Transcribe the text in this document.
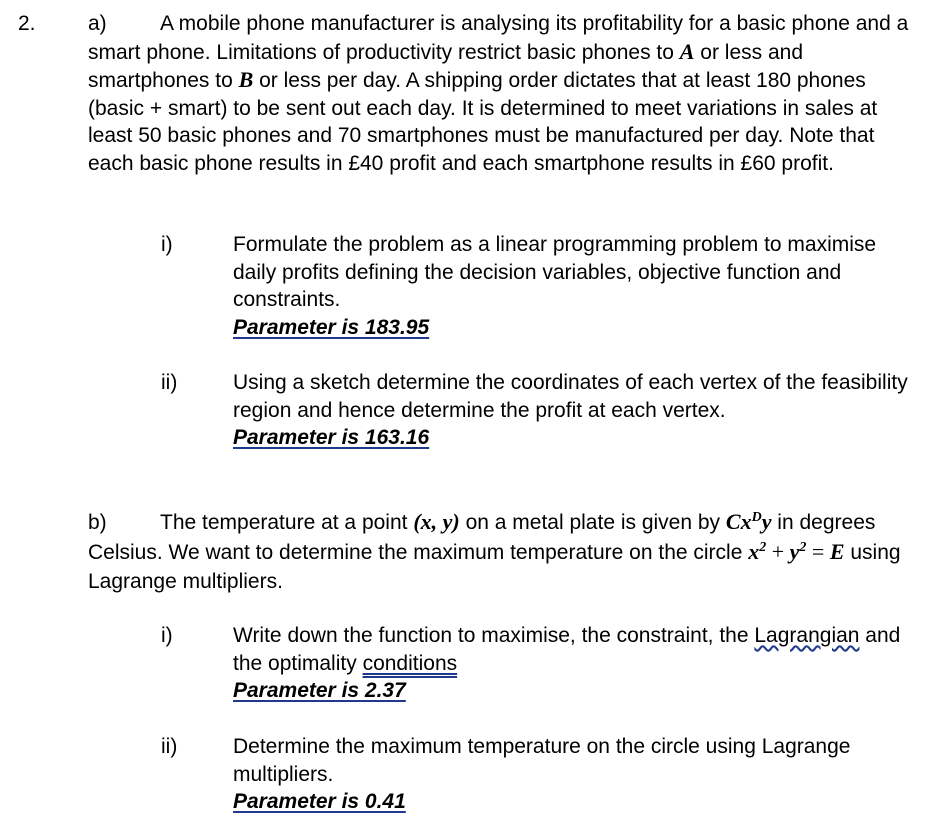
2. a)	A mobile phone manufacturer is analysing its profitability for a basic phone and a smart phone. Limitations of productivity restrict basic phones to A or less and smartphones to B or less per day. A shipping order dictates that at least 180 phones (basic + smart) to be sent out each day. It is determined to meet variations in sales at least 50 basic phones and 70 smartphones must be manufactured per day. Note that each basic phone results in £40 profit and each smartphone results in £60 profit.

i)	Formulate the problem as a linear programming problem to maximise daily profits defining the decision variables, objective function and constraints.
Parameter is 183.95
ii)	Using a sketch determine the coordinates of each vertex of the feasibility region and hence determine the profit at each vertex.
Parameter is 163.16

b)	The temperature at a point (x, y) on a metal plate is given by $Cx^Dy$ in degrees Celsius. We want to determine the maximum temperature on the circle $x^2 + y^2 = E$ using Lagrange multipliers.

i)	Write down the function to maximise, the constraint, the Lagrangian and the optimality conditions
Parameter is 2.37
ii)	Determine the maximum temperature on the circle using Lagrange multipliers.
Parameter is 0.41
